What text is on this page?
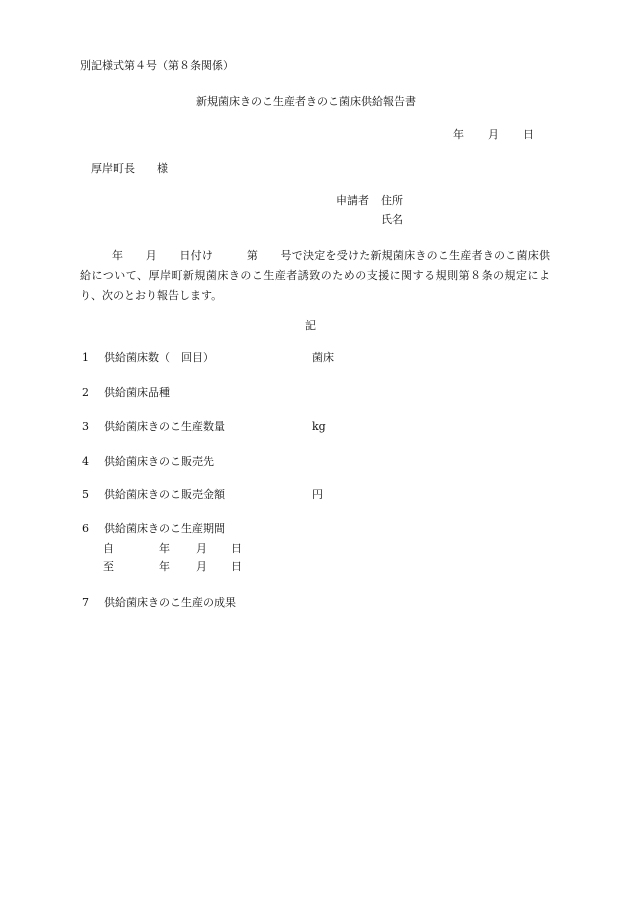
別記様式第４号（第８条関係）
新規菌床きのこ生産者きのこ菌床供給報告書
年 月 日
厚岸町長　　様
申請者 住所
氏名

年　　月　　日付け　　　第　　号で決定を受けた新規菌床きのこ生産者きのこ菌床供給について、厚岸町新規菌床きのこ生産者誘致のための支援に関する規則第８条の規定により、次のとおり報告します。

記
1 供給菌床数（　回目）	菌床
2 供給菌床品種
3 供給菌床きのこ生産数量	kg
4 供給菌床きのこ販売先
5 供給菌床きのこ販売金額	円
6 供給菌床きのこ生産期間
自	年 月 日
至	年 月 日
7 供給菌床きのこ生産の成果
